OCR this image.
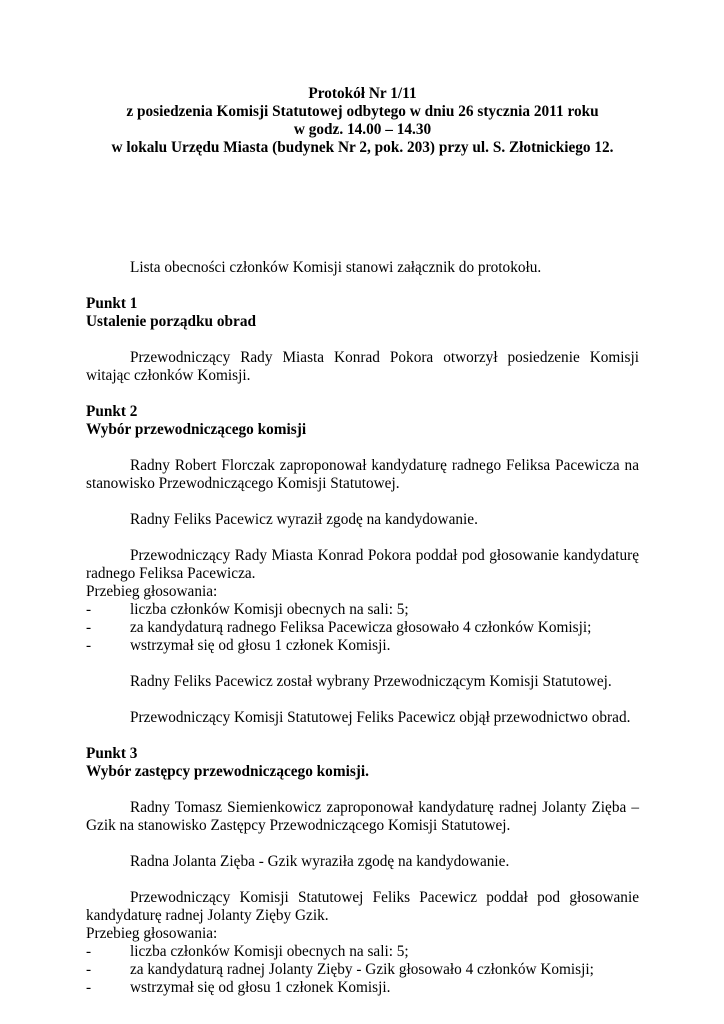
Protokół Nr 1/11
z posiedzenia Komisji Statutowej odbytego w dniu 26 stycznia 2011 roku
w godz. 14.00 – 14.30
w lokalu Urzędu Miasta (budynek Nr 2, pok. 203) przy ul. S. Złotnickiego 12.

Lista obecności członków Komisji stanowi załącznik do protokołu.

Punkt 1
Ustalenie porządku obrad

Przewodniczący Rady Miasta Konrad Pokora otworzył posiedzenie Komisji witając członków Komisji.

Punkt 2
Wybór przewodniczącego komisji

Radny Robert Florczak zaproponował kandydaturę radnego Feliksa Pacewicza na stanowisko Przewodniczącego Komisji Statutowej.

Radny Feliks Pacewicz wyraził zgodę na kandydowanie.

Przewodniczący Rady Miasta Konrad Pokora poddał pod głosowanie kandydaturę radnego Feliksa Pacewicza.

Przebieg głosowania:

-	liczba członków Komisji obecnych na sali: 5;
-	za kandydaturą radnego Feliksa Pacewicza głosowało 4 członków Komisji;
-	wstrzymał się od głosu 1 członek Komisji.

Radny Feliks Pacewicz został wybrany Przewodniczącym Komisji Statutowej.

Przewodniczący Komisji Statutowej Feliks Pacewicz objął przewodnictwo obrad.

Punkt 3
Wybór zastępcy przewodniczącego komisji.

Radny Tomasz Siemienkowicz zaproponował kandydaturę radnej Jolanty Zięba – Gzik na stanowisko Zastępcy Przewodniczącego Komisji Statutowej.

Radna Jolanta Zięba - Gzik wyraziła zgodę na kandydowanie.

Przewodniczący Komisji Statutowej Feliks Pacewicz poddał pod głosowanie kandydaturę radnej Jolanty Zięby Gzik.

Przebieg głosowania:

-	liczba członków Komisji obecnych na sali: 5;
-	za kandydaturą radnej Jolanty Zięby - Gzik głosowało 4 członków Komisji;
-	wstrzymał się od głosu 1 członek Komisji.
